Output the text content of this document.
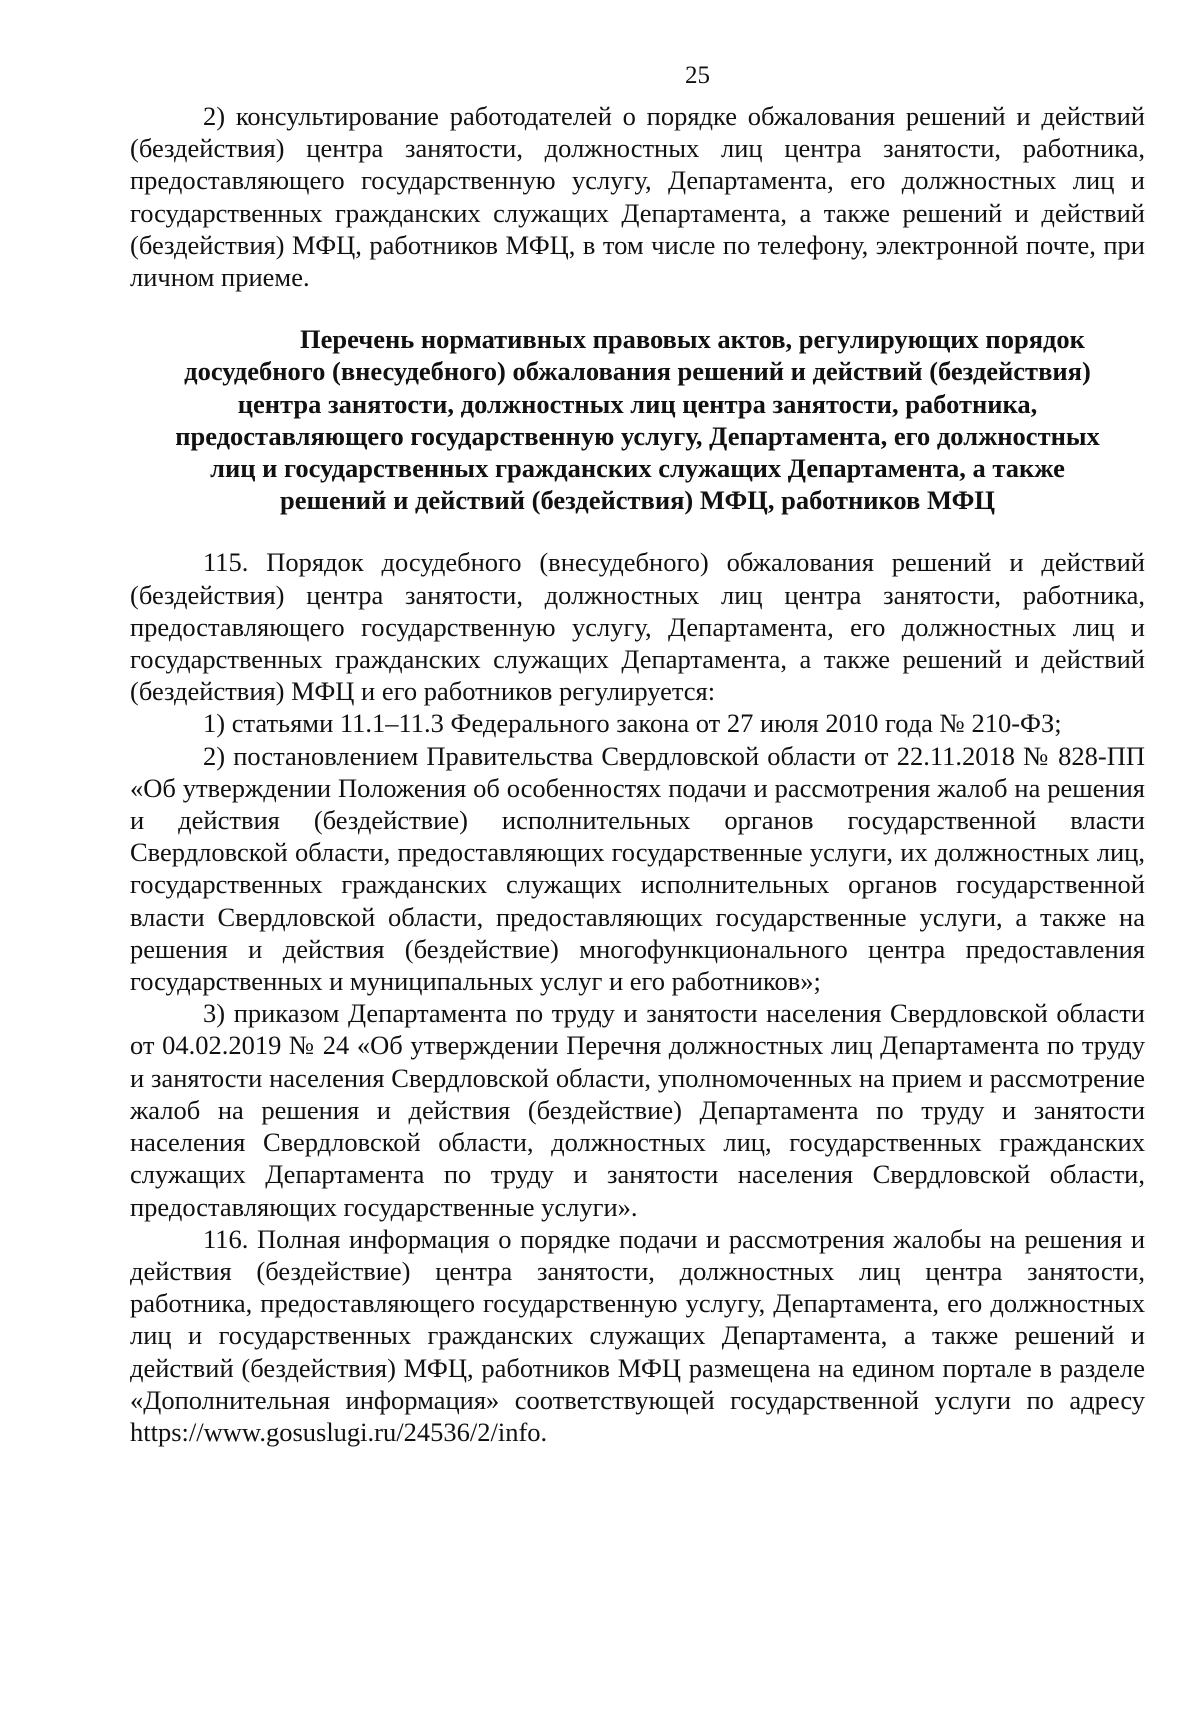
25

2) консультирование работодателей о порядке обжалования решений и действий (бездействия) центра занятости, должностных лиц центра занятости, работника, предоставляющего государственную услугу, Департамента, его должностных лиц и государственных гражданских служащих Департамента, а также решений и действий (бездействия) МФЦ, работников МФЦ, в том числе по телефону, электронной почте, при личном приеме.

Перечень нормативных правовых актов, регулирующих порядок
досудебного (внесудебного) обжалования решений и действий (бездействия)
центра занятости, должностных лиц центра занятости, работника,
предоставляющего государственную услугу, Департамента, его должностных
лиц и государственных гражданских служащих Департамента, а также
решений и действий (бездействия) МФЦ, работников МФЦ

115. Порядок досудебного (внесудебного) обжалования решений и действий (бездействия) центра занятости, должностных лиц центра занятости, работника, предоставляющего государственную услугу, Департамента, его должностных лиц и государственных гражданских служащих Департамента, а также решений и действий (бездействия) МФЦ и его работников регулируется:

1) статьями 11.1–11.3 Федерального закона от 27 июля 2010 года № 210-ФЗ;

2) постановлением Правительства Свердловской области от 22.11.2018 № 828-ПП «Об утверждении Положения об особенностях подачи и рассмотрения жалоб на решения и действия (бездействие) исполнительных органов государственной власти Свердловской области, предоставляющих государственные услуги, их должностных лиц, государственных гражданских служащих исполнительных органов государственной власти Свердловской области, предоставляющих государственные услуги, а также на решения и действия (бездействие) многофункционального центра предоставления государственных и муниципальных услуг и его работников»;

3) приказом Департамента по труду и занятости населения Свердловской области от 04.02.2019 № 24 «Об утверждении Перечня должностных лиц Департамента по труду и занятости населения Свердловской области, уполномоченных на прием и рассмотрение жалоб на решения и действия (бездействие) Департамента по труду и занятости населения Свердловской области, должностных лиц, государственных гражданских служащих Департамента по труду и занятости населения Свердловской области, предоставляющих государственные услуги».

116. Полная информация о порядке подачи и рассмотрения жалобы на решения и действия (бездействие) центра занятости, должностных лиц центра занятости, работника, предоставляющего государственную услугу, Департамента, его должностных лиц и государственных гражданских служащих Департамента, а также решений и действий (бездействия) МФЦ, работников МФЦ размещена на едином портале в разделе «Дополнительная информация» соответствующей государственной услуги по адресу https://www.gosuslugi.ru/24536/2/info.
